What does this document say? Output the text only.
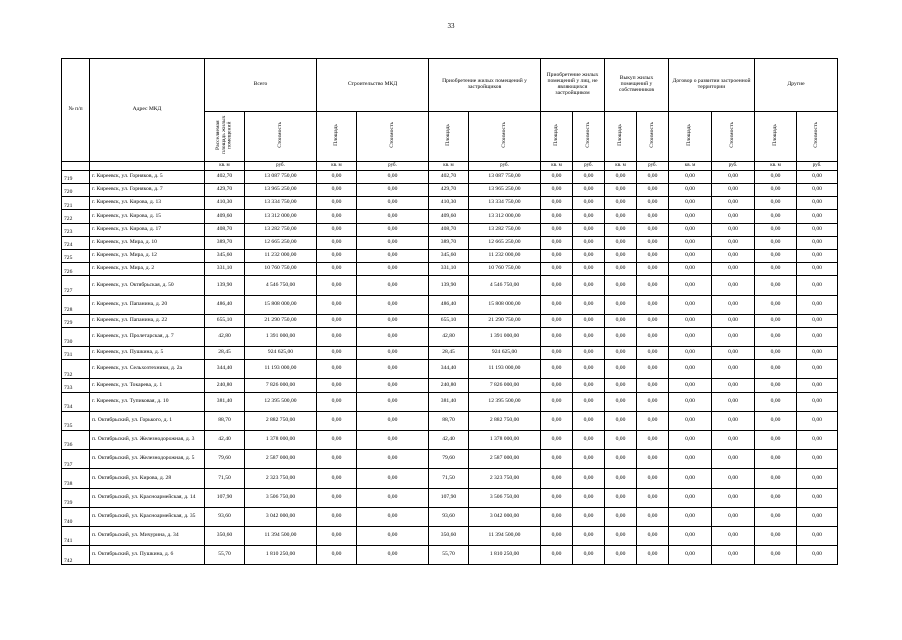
33
№ п/п	Адрес МКД	Всего		Строительство МКД		Приобретение жилых помещений у застройщиков		Приобретение жилых помещений у лиц, не являющихся застройщиком		Выкуп жилых помещений у собственников		Договор о развитии застроенной территории		Другие	
		Расселяемая площадь жилых помещений	Стоимость	Площадь	Стоимость	Площадь	Стоимость	Площадь	Стоимость	Площадь	Стоимость	Площадь	Стоимость	Площадь	Стоимость
		кв. м	руб.	кв. м	руб.	кв. м	руб.	кв. м	руб.	кв. м	руб.	кв. м	руб.	кв. м	руб.
719	г. Киреевск, ул. Горняков, д. 5	402,70	13 087 750,00	0,00	0,00	402,70	13 087 750,00	0,00	0,00	0,00	0,00	0,00	0,00	0,00	0,00
720	г. Киреевск, ул. Горняков, д. 7	429,70	13 965 250,00	0,00	0,00	429,70	13 965 250,00	0,00	0,00	0,00	0,00	0,00	0,00	0,00	0,00
721	г. Киреевск, ул. Кирова, д. 13	410,30	13 334 750,00	0,00	0,00	410,30	13 334 750,00	0,00	0,00	0,00	0,00	0,00	0,00	0,00	0,00
722	г. Киреевск, ул. Кирова, д. 15	409,60	13 312 000,00	0,00	0,00	409,60	13 312 000,00	0,00	0,00	0,00	0,00	0,00	0,00	0,00	0,00
723	г. Киреевск, ул. Кирова, д. 17	408,70	13 282 750,00	0,00	0,00	408,70	13 282 750,00	0,00	0,00	0,00	0,00	0,00	0,00	0,00	0,00
724	г. Киреевск, ул. Мира, д. 10	389,70	12 665 250,00	0,00	0,00	389,70	12 665 250,00	0,00	0,00	0,00	0,00	0,00	0,00	0,00	0,00
725	г. Киреевск, ул. Мира, д. 12	345,60	11 232 000,00	0,00	0,00	345,60	11 232 000,00	0,00	0,00	0,00	0,00	0,00	0,00	0,00	0,00
726	г. Киреевск, ул. Мира, д. 2	331,10	10 760 750,00	0,00	0,00	331,10	10 760 750,00	0,00	0,00	0,00	0,00	0,00	0,00	0,00	0,00
727	г. Киреевск, ул. Октябрьская, д. 50	139,90	4 546 750,00	0,00	0,00	139,90	4 546 750,00	0,00	0,00	0,00	0,00	0,00	0,00	0,00	0,00
728	г. Киреевск, ул. Папанина, д. 20	486,40	15 808 000,00	0,00	0,00	486,40	15 808 000,00	0,00	0,00	0,00	0,00	0,00	0,00	0,00	0,00
729	г. Киреевск, ул. Папанина, д. 22	655,10	21 290 750,00	0,00	0,00	655,10	21 290 750,00	0,00	0,00	0,00	0,00	0,00	0,00	0,00	0,00
730	г. Киреевск, ул. Пролетарская, д. 7	42,80	1 391 000,00	0,00	0,00	42,80	1 391 000,00	0,00	0,00	0,00	0,00	0,00	0,00	0,00	0,00
731	г. Киреевск, ул. Пушкина, д. 5	28,45	924 625,00	0,00	0,00	28,45	924 625,00	0,00	0,00	0,00	0,00	0,00	0,00	0,00	0,00
732	г. Киреевск, ул. Сельхозтехники, д. 2а	344,40	11 193 000,00	0,00	0,00	344,40	11 193 000,00	0,00	0,00	0,00	0,00	0,00	0,00	0,00	0,00
733	г. Киреевск, ул. Токарева, д. 1	240,80	7 826 000,00	0,00	0,00	240,80	7 826 000,00	0,00	0,00	0,00	0,00	0,00	0,00	0,00	0,00
734	г. Киреевск, ул. Тупиковая, д. 10	381,40	12 395 500,00	0,00	0,00	381,40	12 395 500,00	0,00	0,00	0,00	0,00	0,00	0,00	0,00	0,00
735	п. Октябрьский, ул. Горького, д. 1	88,70	2 882 750,00	0,00	0,00	88,70	2 882 750,00	0,00	0,00	0,00	0,00	0,00	0,00	0,00	0,00
736	п. Октябрьский, ул. Железнодорожная, д. 3	42,40	1 378 000,00	0,00	0,00	42,40	1 378 000,00	0,00	0,00	0,00	0,00	0,00	0,00	0,00	0,00
737	п. Октябрьский, ул. Железнодорожная, д. 5	79,60	2 587 000,00	0,00	0,00	79,60	2 587 000,00	0,00	0,00	0,00	0,00	0,00	0,00	0,00	0,00
738	п. Октябрьский, ул. Кирова, д. 28	71,50	2 323 750,00	0,00	0,00	71,50	2 323 750,00	0,00	0,00	0,00	0,00	0,00	0,00	0,00	0,00
739	п. Октябрьский, ул. Красноармейская, д. 14	107,90	3 506 750,00	0,00	0,00	107,90	3 506 750,00	0,00	0,00	0,00	0,00	0,00	0,00	0,00	0,00
740	п. Октябрьский, ул. Красноармейская, д. 35	93,60	3 042 000,00	0,00	0,00	93,60	3 042 000,00	0,00	0,00	0,00	0,00	0,00	0,00	0,00	0,00
741	п. Октябрьский, ул. Мичурина, д. 34	350,60	11 394 500,00	0,00	0,00	350,60	11 394 500,00	0,00	0,00	0,00	0,00	0,00	0,00	0,00	0,00
742	п. Октябрьский, ул. Пушкина, д. 6	55,70	1 810 250,00	0,00	0,00	55,70	1 810 250,00	0,00	0,00	0,00	0,00	0,00	0,00	0,00	0,00
